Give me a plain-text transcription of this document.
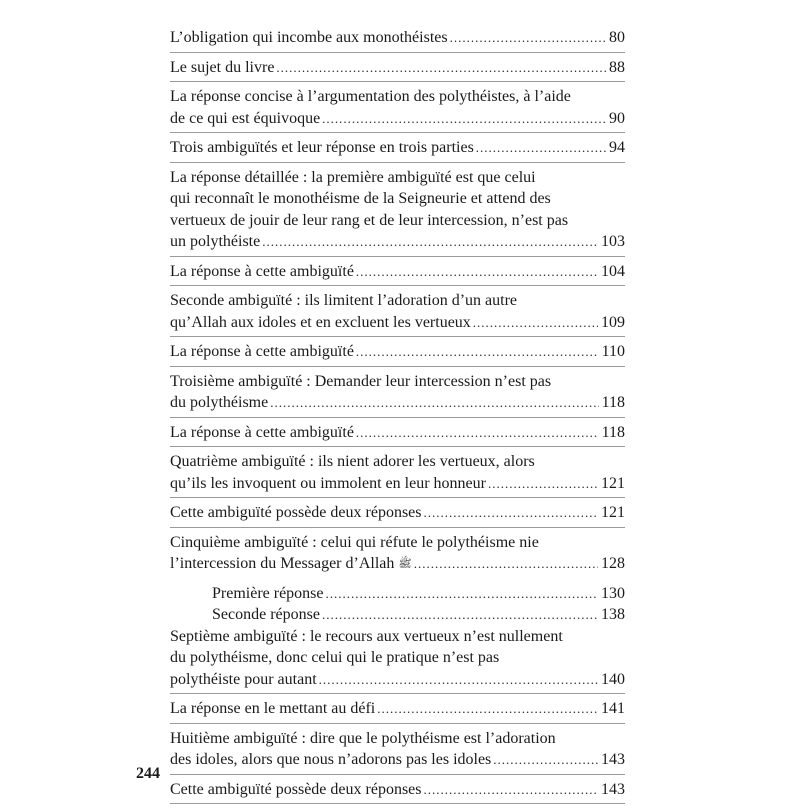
L’obligation qui incombe aux monothéistes .....	80
Le sujet du livre .....	88
La réponse concise à l’argumentation des polythéistes, à l’aide
de ce qui est équivoque .....	90
Trois ambiguïtés et leur réponse en trois parties .....	94
La réponse détaillée : la première ambiguïté est que celui
qui reconnaît le monothéisme de la Seigneurie et attend des
vertueux de jouir de leur rang et de leur intercession, n’est pas
un polythéiste .....	103
La réponse à cette ambiguïté .....	104
Seconde ambiguïté : ils limitent l’adoration d’un autre
qu’Allah aux idoles et en excluent les vertueux .....	109
La réponse à cette ambiguïté .....	110
Troisième ambiguïté : Demander leur intercession n’est pas
du polythéisme .....	118
La réponse à cette ambiguïté .....	118
Quatrième ambiguïté : ils nient adorer les vertueux, alors
qu’ils les invoquent ou immolent en leur honneur .....	121
Cette ambiguïté possède deux réponses .....	121
Cinquième ambiguïté : celui qui réfute le polythéisme nie
l’intercession du Messager d’Allah ﷺ .....	128
Première réponse .....	130
Seconde réponse .....	138
Septième ambiguïté : le recours aux vertueux n’est nullement
du polythéisme, donc celui qui le pratique n’est pas
polythéiste pour autant .....	140
La réponse en le mettant au défi .....	141
Huitième ambiguïté : dire que le polythéisme est l’adoration
des idoles, alors que nous n’adorons pas les idoles .....	143
Cette ambiguïté possède deux réponses .....	143
244
